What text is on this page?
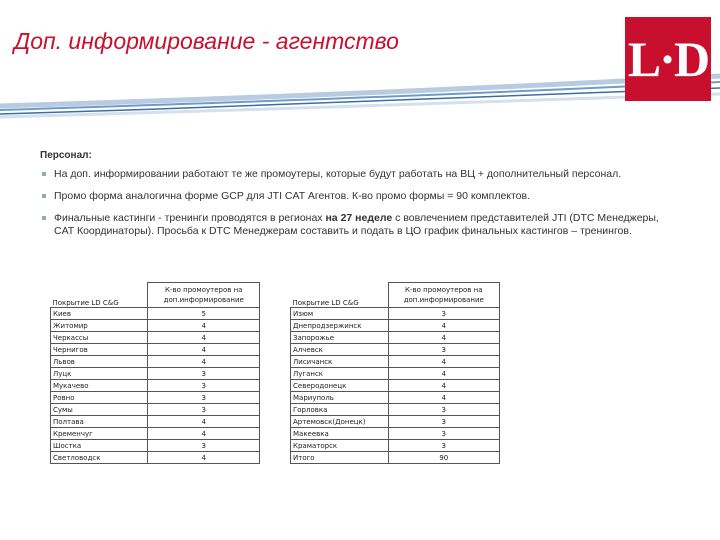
Доп. информирование - агентство	L·D
Персонал:
На доп. информировании работают те же промоутеры, которые будут работать на ВЦ + дополнительный персонал.
Промо форма аналогична форме GCP для JTI CAT Агентов. К-во промо формы = 90 комплектов.
Финальные кастинги - тренинги проводятся в регионах на 27 неделе с вовлечением представителей JTI (DTC Менеджеры, CAT Координаторы). Просьба к DTC Менеджерам составить и подать в ЦО график финальных кастингов – тренингов.
Покрытие LD C&G	К-во промоутеров на доп.информирование
Киев	5
Житомир	4
Черкассы	4
Чернигов	4
Львов	4
Луцк	3
Мукачево	3
Ровно	3
Сумы	3
Полтава	4
Кременчуг	4
Шостка	3
Светловодск	4
Покрытие LD C&G	К-во промоутеров на доп.информирование
Изюм	3
Днепродзержинск	4
Запорожье	4
Алчевск	3
Лисичанск	4
Луганск	4
Северодонецк	4
Мариуполь	4
Горловка	3
Артемовск(Донецк)	3
Макеевка	3
Краматорск	3
Итого	90
